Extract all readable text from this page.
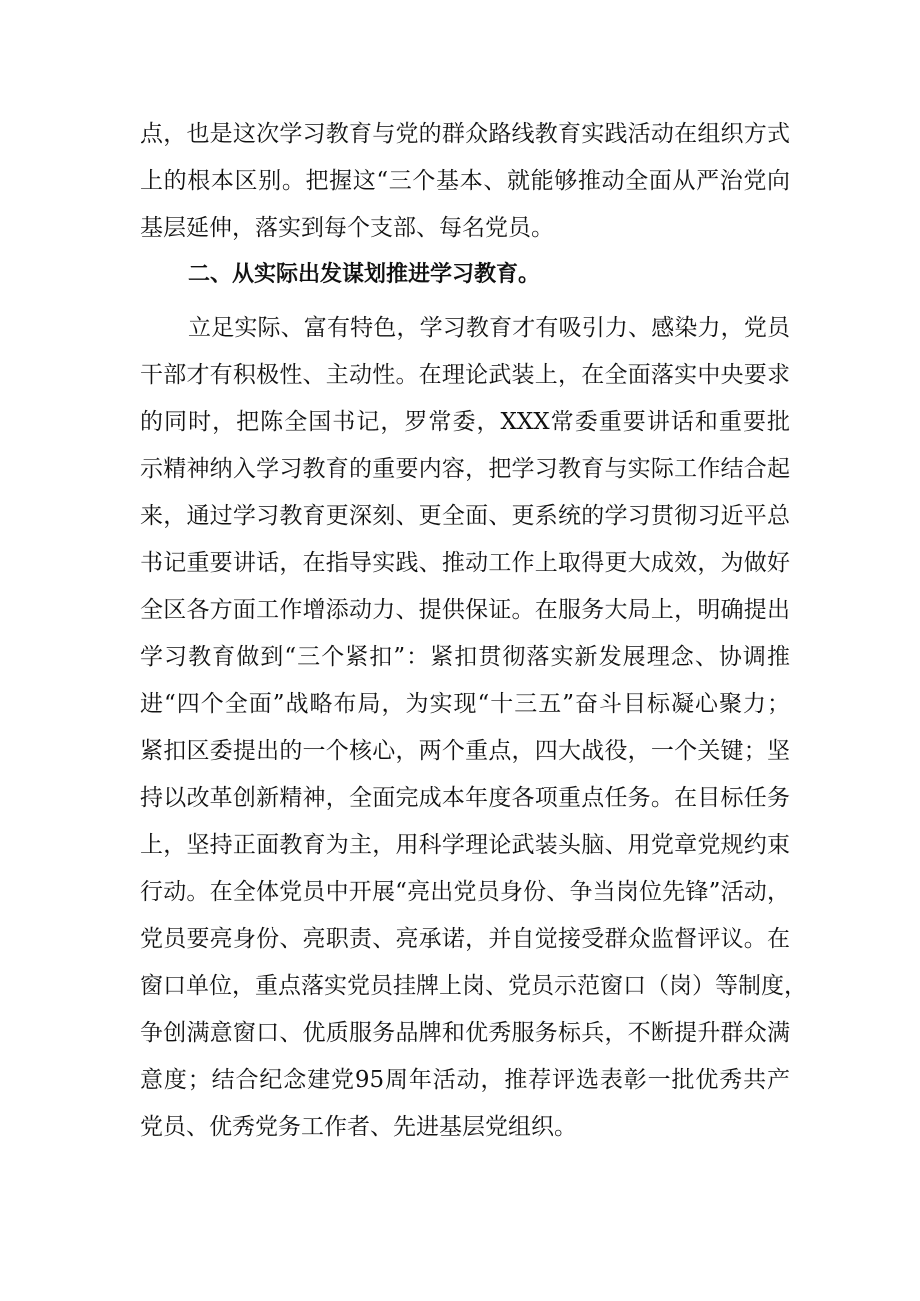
点，也是这次学习教育与党的群众路线教育实践活动在组织方式
上的根本区别。把握这“三个基本、就能够推动全面从严治党向
基层延伸，落实到每个支部、每名党员。
二、从实际出发谋划推进学习教育。
立足实际、富有特色，学习教育才有吸引力、感染力，党员
干部才有积极性、主动性。在理论武装上，在全面落实中央要求
的同时，把陈全国书记，罗常委，XXX常委重要讲话和重要批
示精神纳入学习教育的重要内容，把学习教育与实际工作结合起
来，通过学习教育更深刻、更全面、更系统的学习贯彻习近平总
书记重要讲话，在指导实践、推动工作上取得更大成效，为做好
全区各方面工作增添动力、提供保证。在服务大局上，明确提出
学习教育做到“三个紧扣”：紧扣贯彻落实新发展理念、协调推
进“四个全面”战略布局，为实现“十三五”奋斗目标凝心聚力；
紧扣区委提出的一个核心，两个重点，四大战役，一个关键；坚
持以改革创新精神，全面完成本年度各项重点任务。在目标任务
上，坚持正面教育为主，用科学理论武装头脑、用党章党规约束
行动。在全体党员中开展“亮出党员身份、争当岗位先锋”活动，
党员要亮身份、亮职责、亮承诺，并自觉接受群众监督评议。在
窗口单位，重点落实党员挂牌上岗、党员示范窗口（岗）等制度，
争创满意窗口、优质服务品牌和优秀服务标兵，不断提升群众满
意度；结合纪念建党95周年活动，推荐评选表彰一批优秀共产
党员、优秀党务工作者、先进基层党组织。
